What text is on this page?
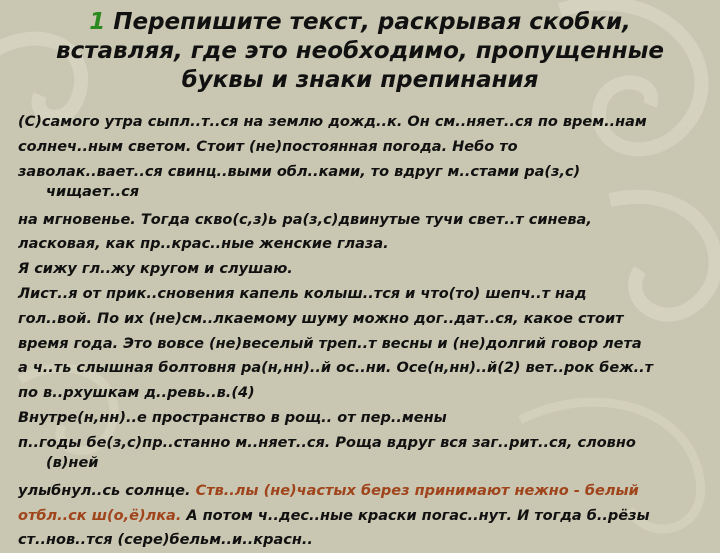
1 Перепишите текст, раскрывая скобки, вставляя, где это необходимо, пропущенные буквы и знаки препинания
(С)самого утра сыпл..т..ся на землю дожд..к. Он см..няет..ся по врем..нам
солнеч..ным светом. Стоит (не)постоянная погода. Небо то
заволак..вает..ся свинц..выми обл..ками, то вдруг м..стами ра(з,с)
чищает..ся
на мгновенье. Тогда скво(с,з)ь ра(з,с)двинутые тучи свет..т синева,
ласковая, как пр..крас..ные женские глаза.
Я сижу гл..жу кругом и слушаю.
Лист..я от прик..сновения капель колыш..тся и что(то) шепч..т над
гол..вой. По их (не)см..лкаемому шуму можно дог..дат..ся, какое стоит
время года. Это вовсе (не)веселый треп..т весны и (не)долгий говор лета
а ч..ть слышная болтовня ра(н,нн)..й ос..ни. Осе(н,нн)..й(2) вет..рок беж..т
по в..рхушкам д..ревь..в.(4)
Внутре(н,нн)..е пространство в рощ.. от пер..мены
п..годы бе(з,с)пр..станно м..няет..ся. Роща вдруг вся заг..рит..ся, словно
(в)ней
улыбнул..сь солнце. Ств..лы (не)частых берез принимают нежно - белый
отбл..ск ш(о,ё)лка. А потом ч..дес..ные краски погас..нут. И тогда б..рёзы
ст..нов..тся (сере)бельм..и..красн..
